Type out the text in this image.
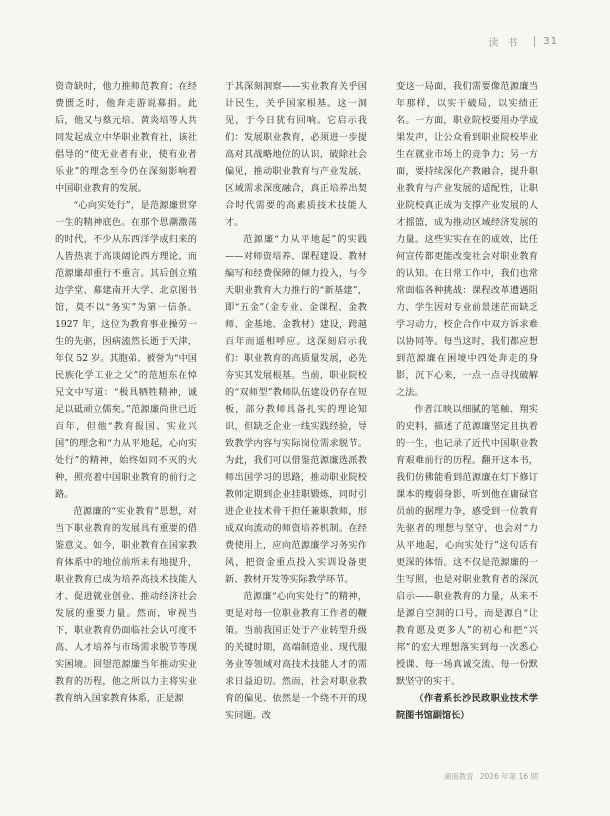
读书 31

资奇缺时，他力推师范教育；在经费匮乏时，他奔走游说募捐。此后，他又与蔡元培、黄炎培等人共同发起成立中华职业教育社，该社倡导的“使无业者有业，使有业者乐业”的理念至今仍在深刻影响着中国职业教育的发展。

“心向实处行”，是范源廉贯穿一生的精神底色。在那个思潮激荡的时代，不少从东西洋学成归来的人皆热衷于高谈阔论西方理论，而范源廉却重行不重言。其后创立殖边学堂、募建南开大学、北京图书馆，莫不以“务实”为第一信条。1927 年，这位为教育事业操劳一生的先驱，因病溘然长逝于天津，年仅 52 岁。其胞弟、被誉为“中国民族化学工业之父”的范旭东在悼兄文中写道：“极具牺牲精神，诚足以砥顽立儒矣。”范源廉尚世已近百年，但他“教育报国、实业兴国”的理念和“力从平地起，心向实处行”的精神，始终如同不灭的火种，照亮着中国职业教育的前行之路。

范源廉的“实业教育”思想，对当下职业教育的发展具有重要的借鉴意义。如今，职业教育在国家教育体系中的地位前所未有地提升，职业教育已成为培养高技术技能人才、促进就业创业、推动经济社会发展的重要力量。然而，审视当下，职业教育仍面临社会认可度不高、人才培养与市场需求脱节等现实困境。回望范源廉当年推动实业教育的历程，他之所以力主将实业教育纳入国家教育体系，正是源

于其深刻洞察——实业教育关乎国计民生，关乎国家根基。这一洞见，于今日犹有回响。它启示我们：发展职业教育，必须进一步提高对其战略地位的认识，破除社会偏见，推动职业教育与产业发展、区域需求深度融合，真正培养出契合时代需要的高素质技术技能人才。

范源廉“力从平地起”的实践——对师资培养、课程建设、教材编写和经费保障的倾力投入，与今天职业教育大力推行的“新基建”，即“五金”（金专业、金课程、金教师、金基地、金教材）建设，跨越百年而遥相呼应。这深刻启示我们：职业教育的高质量发展，必先夯实其发展根基。当前，职业院校的“双师型”教师队伍建设仍存在短板，部分教师具备扎实的理论知识，但缺乏企业一线实践经验，导致教学内容与实际岗位需求脱节。为此，我们可以借鉴范源廉选派教师出国学习的思路，推动职业院校教师定期到企业挂职锻炼，同时引进企业技术骨干担任兼职教师，形成双向流动的师资培养机制。在经费使用上，应向范源廉学习务实作风，把资金重点投入实训设备更新、教材开发等实际教学环节。

范源廉“心向实处行”的精神，更是对每一位职业教育工作者的鞭策。当前我国正处于产业转型升级的关键时期，高端制造业、现代服务业等领域对高技术技能人才的需求日益迫切。然而，社会对职业教育的偏见、依然是一个绕不开的现实问题。改

变这一局面，我们需要像范源廉当年那样，以实干破局，以实绩正名。一方面，职业院校要用办学成果发声，让公众看到职业院校毕业生在就业市场上的竞争力；另一方面，要持续深化产教融合，提升职业教育与产业发展的适配性，让职业院校真正成为支撑产业发展的人才摇篮，成为推动区域经济发展的力量。这些实实在在的成效，比任何宣传都更能改变社会对职业教育的认知。在日常工作中，我们也常常面临各种挑战：课程改革遭遇阻力、学生因对专业前景迷茫而缺乏学习动力，校企合作中双方诉求难以协同等。每当这时，我们都应想到范源廉在困境中四处奔走的身影，沉下心来，一点一点寻找破解之法。

作者江映以细腻的笔触、翔实的史料，描述了范源廉坚定且执着的一生，也记录了近代中国职业教育艰难前行的历程。翻开这本书，我们仿佛能看到范源廉在灯下修订课本的瘦弱身影，听到他在庸碌官员前的据理力争，感受到一位教育先驱者的理想与坚守，也会对“力从平地起，心向实处行”这句话有更深的体悟。这不仅是范源廉的一生写照，也是对职业教育者的深沉启示——职业教育的力量，从来不是源自空洞的口号，而是源自“让教育愿及更多人”的初心和把“兴邦”的宏大理想落实到每一次悉心授课、每一场真诚交流、每一份默默坚守的实干。

（作者系长沙民政职业技术学院图书馆副馆长）

湖南教育 2026 年第 16 期
